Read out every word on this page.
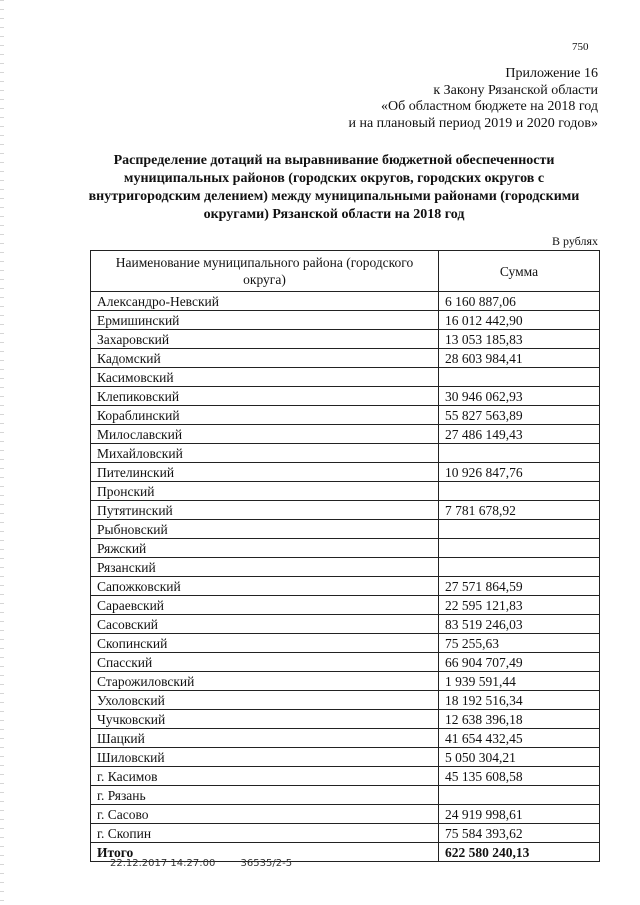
750
Приложение 16
к Закону Рязанской области
«Об областном бюджете на 2018 год
и на плановый период 2019 и 2020 годов»
Распределение дотаций на выравнивание бюджетной обеспеченности
муниципальных районов (городских округов, городских округов с
внутригородским делением) между муниципальными районами (городскими
округами) Рязанской области на 2018 год
В рублях
Наименование муниципального района (городского округа)	Сумма
Александро-Невский	6 160 887,06
Ермишинский	16 012 442,90
Захаровский	13 053 185,83
Кадомский	28 603 984,41
Касимовский	
Клепиковский	30 946 062,93
Кораблинский	55 827 563,89
Милославский	27 486 149,43
Михайловский	
Пителинский	10 926 847,76
Пронский	
Путятинский	7 781 678,92
Рыбновский	
Ряжский	
Рязанский	
Сапожковский	27 571 864,59
Сараевский	22 595 121,83
Сасовский	83 519 246,03
Скопинский	75 255,63
Спасский	66 904 707,49
Старожиловский	1 939 591,44
Ухоловский	18 192 516,34
Чучковский	12 638 396,18
Шацкий	41 654 432,45
Шиловский	5 050 304,21
г. Касимов	45 135 608,58
г. Рязань	
г. Сасово	24 919 998,61
г. Скопин	75 584 393,62
Итого	622 580 240,13
22.12.2017 14:27:00	36535/2-5
